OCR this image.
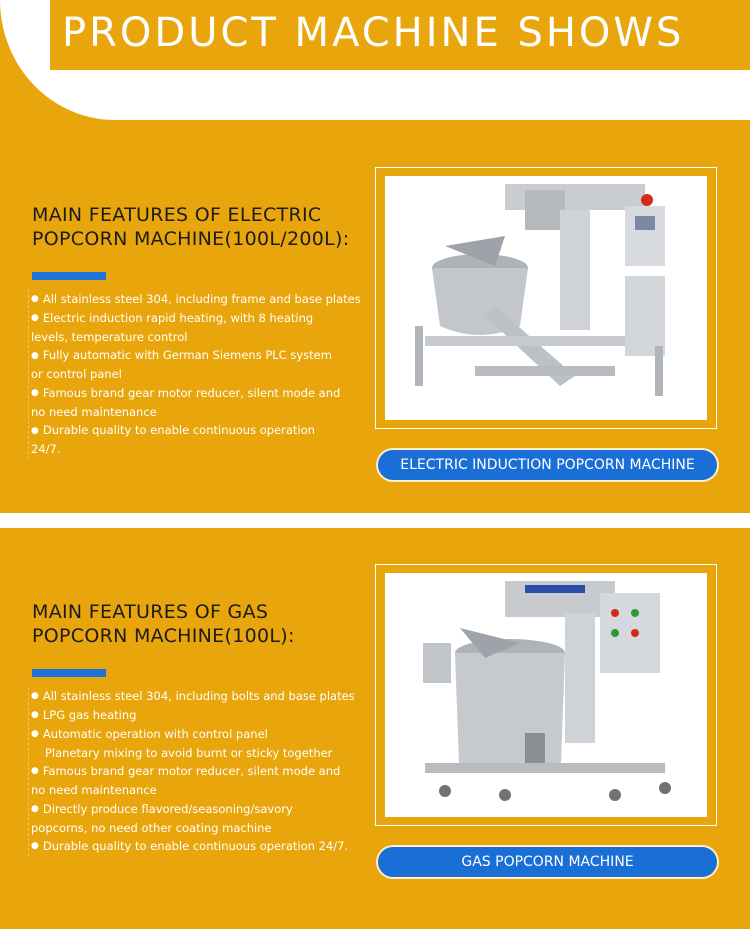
PRODUCT MACHINE SHOWS
MAIN FEATURES OF ELECTRIC
POPCORN MACHINE(100L/200L):
● All stainless steel 304, including frame and base plates
● Electric induction rapid heating, with 8 heating
levels, temperature control
● Fully automatic with German Siemens PLC system
or control panel
● Famous brand gear motor reducer, silent mode and
no need maintenance
● Durable quality to enable continuous operation
24/7.
ELECTRIC INDUCTION POPCORN MACHINE
MAIN FEATURES OF GAS
POPCORN MACHINE(100L):
● All stainless steel 304, including bolts and base plates
● LPG gas heating
● Automatic operation with control panel
Planetary mixing to avoid burnt or sticky together
● Famous brand gear motor reducer, silent mode and
no need maintenance
● Directly produce flavored/seasoning/savory
popcorns, no need other coating machine
● Durable quality to enable continuous operation 24/7.
GAS POPCORN MACHINE
